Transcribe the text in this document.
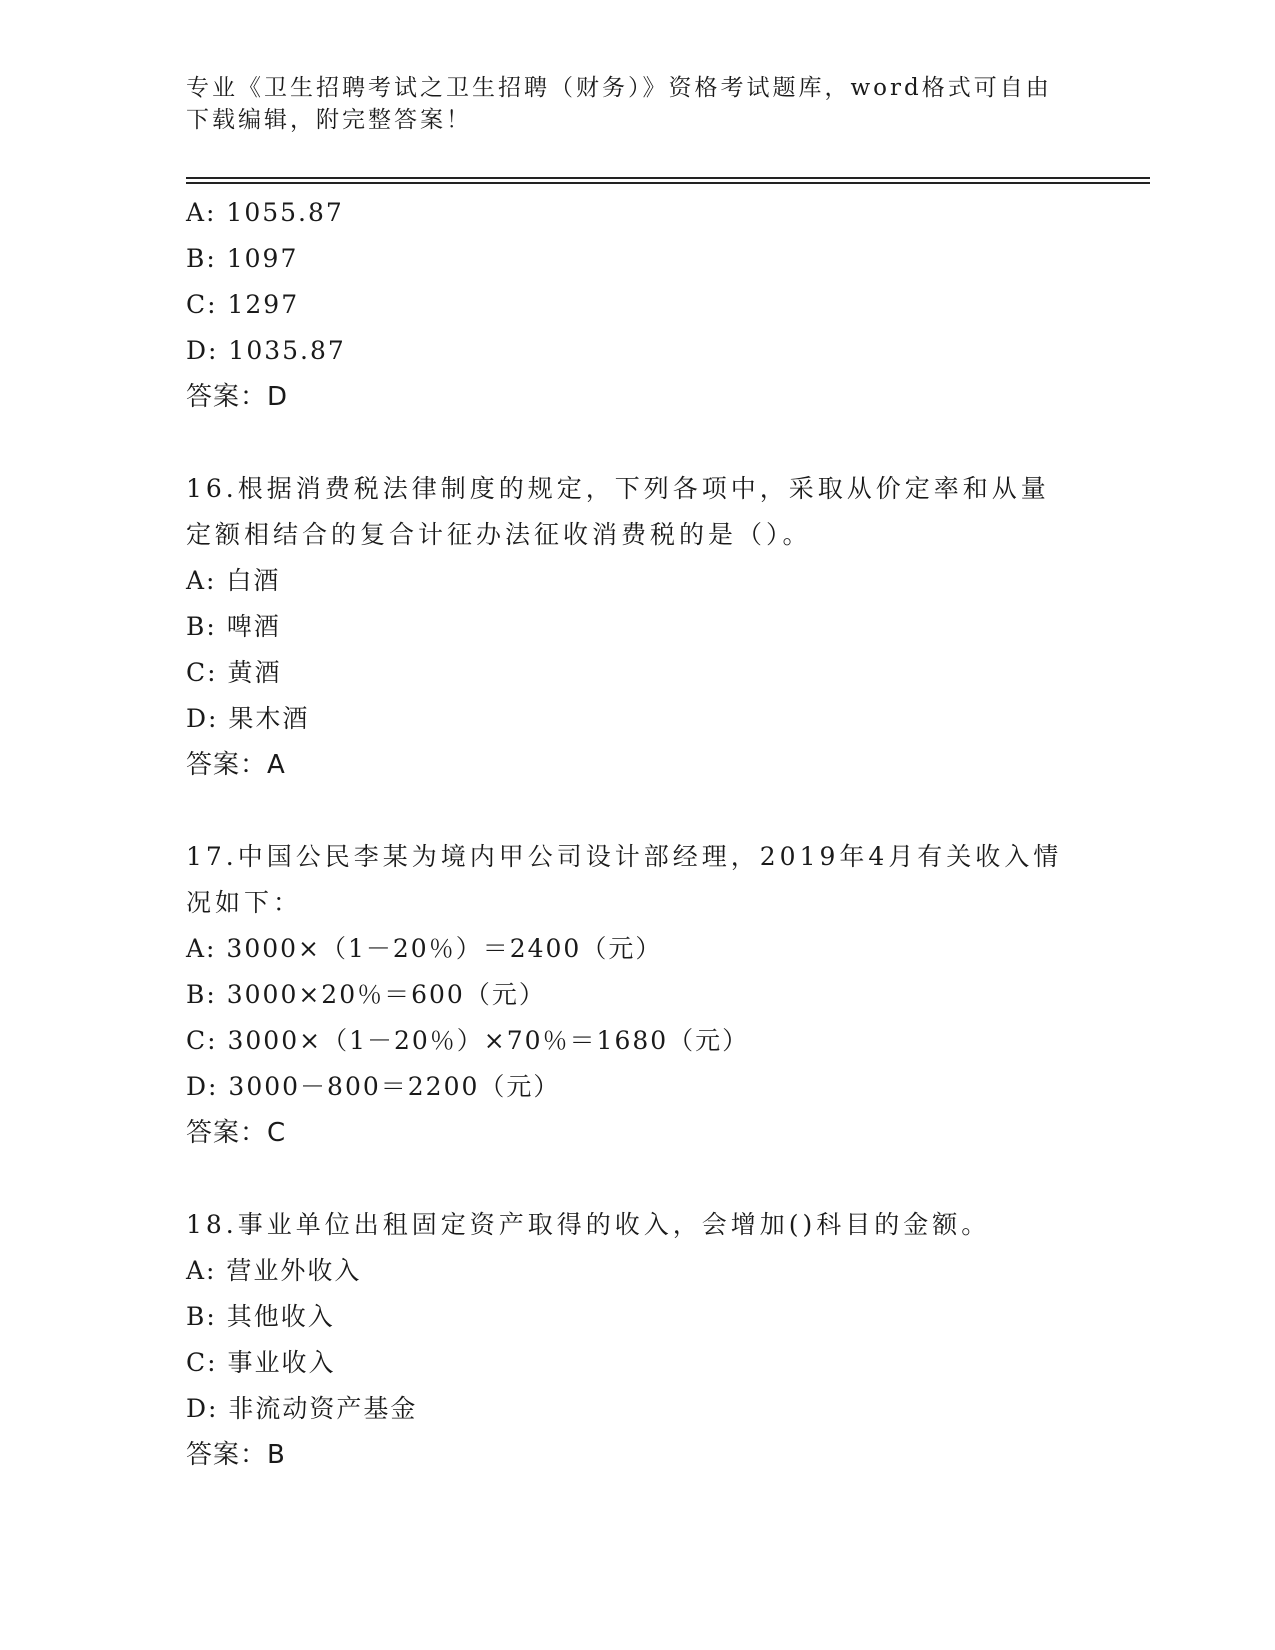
专业《卫生招聘考试之卫生招聘（财务）》资格考试题库，word格式可自由下载编辑，附完整答案！
A: 1055.87
B: 1097
C: 1297
D: 1035.87
答案：D
16.根据消费税法律制度的规定，下列各项中，采取从价定率和从量定额相结合的复合计征办法征收消费税的是（）。
A: 白酒
B: 啤酒
C: 黄酒
D: 果木酒
答案：A
17.中国公民李某为境内甲公司设计部经理，2019年4月有关收入情况如下：
A: 3000×（1－20％）＝2400（元）
B: 3000×20％＝600（元）
C: 3000×（1－20％）×70％＝1680（元）
D: 3000－800＝2200（元）
答案：C
18.事业单位出租固定资产取得的收入，会增加()科目的金额。
A: 营业外收入
B: 其他收入
C: 事业收入
D: 非流动资产基金
答案：B
